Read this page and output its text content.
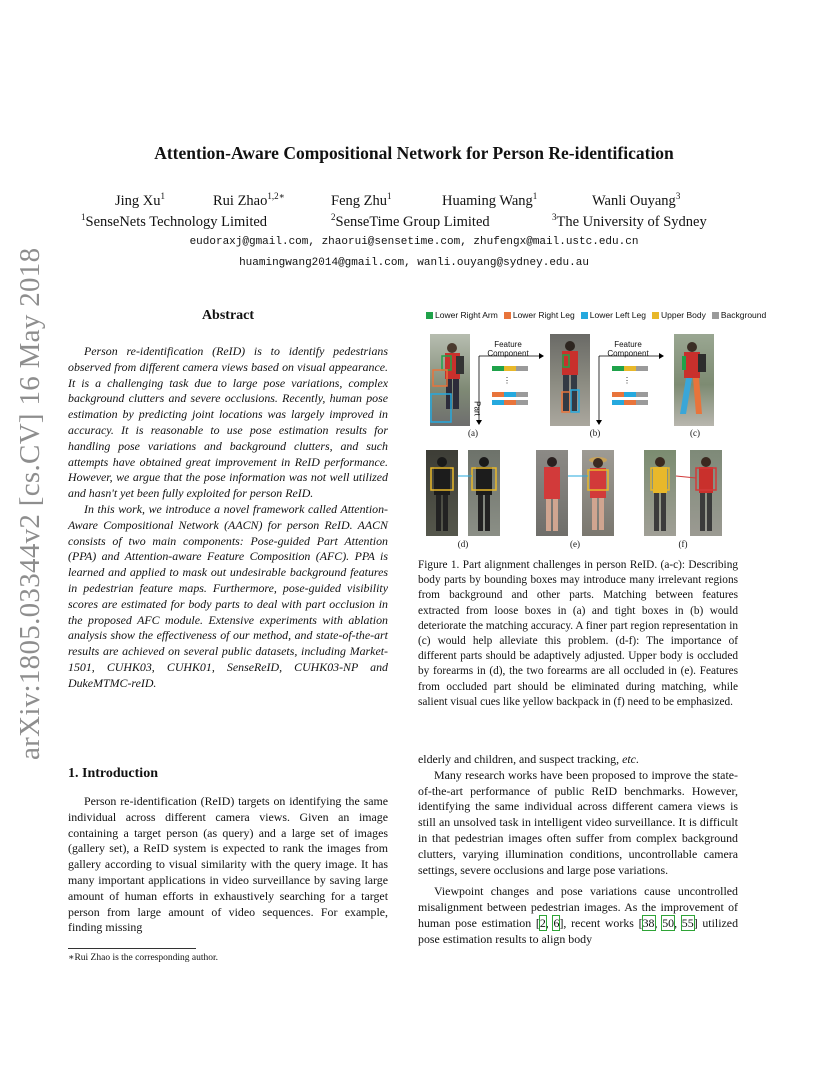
Attention-Aware Compositional Network for Person Re-identification
Jing Xu$^1$	Rui Zhao$^{1,2∗}$	Feng Zhu$^1$	Huaming Wang$^1$	Wanli Ouyang$^3$
$^1$SenseNets Technology Limited	$^2$SenseTime Group Limited	$^3$The University of Sydney
eudoraxj@gmail.com, zhaorui@sensetime.com, zhufengx@mail.ustc.edu.cn
huamingwang2014@gmail.com, wanli.ouyang@sydney.edu.au
arXiv:1805.03344v2 [cs.CV] 16 May 2018	Abstract

Person re-identification (ReID) is to identify pedestrians observed from different camera views based on visual appearance. It is a challenging task due to large pose variations, complex background clutters and severe occlusions. Recently, human pose estimation by predicting joint locations was largely improved in accuracy. It is reasonable to use pose estimation results for handling pose variations and background clutters, and such attempts have obtained great improvement in ReID performance. However, we argue that the pose information was not well utilized and hasn't yet been fully exploited for person ReID.

In this work, we introduce a novel framework called Attention-Aware Compositional Network (AACN) for person ReID. AACN consists of two main components: Pose-guided Part Attention (PPA) and Attention-aware Feature Composition (AFC). PPA is learned and applied to mask out undesirable background features in pedestrian feature maps. Furthermore, pose-guided visibility scores are estimated for body parts to deal with part occlusion in the proposed AFC module. Extensive experiments with ablation analysis show the effectiveness of our method, and state-of-the-art results are achieved on several public datasets, including Market-1501, CUHK03, CUHK01, SenseReID, CUHK03-NP and DukeMTMC-reID.

1. Introduction

Person re-identification (ReID) targets on identifying the same individual across different camera views. Given an image containing a target person (as query) and a large set of images (gallery set), a ReID system is expected to rank the images from gallery according to visual similarity with the query image. It has many important applications in video surveillance by saving large amount of human efforts in exhaustively searching for a target person from large amount of video sequences. For example, finding missing

∗Rui Zhao is the corresponding author.

elderly and children, and suspect tracking, etc.

Many research works have been proposed to improve the state-of-the-art performance of public ReID benchmarks. However, identifying the same individual across different camera views is still an unsolved task in intelligent video surveillance. It is difficult in that pedestrian images often suffer from complex background clutters, varying illumination conditions, uncontrollable camera settings, severe occlusions and large pose variations.

Viewpoint changes and pose variations cause uncontrolled misalignment between pedestrian images. As the improvement of human pose estimation [2, 6], recent works [38, 50, 55] utilized pose estimation results to align body

Lower Right Arm Lower Right Leg Lower Left Leg Upper Body Background
Feature
Component
⋮
Part
Feature
Component
⋮
(a)	(b)	(c)
(d)	(e)	(f)
Figure 1. Part alignment challenges in person ReID. (a-c): Describing body parts by bounding boxes may introduce many irrelevant regions from background and other parts. Matching between features extracted from loose boxes in (a) and tight boxes in (b) would deteriorate the matching accuracy. A finer part region representation in (c) would help alleviate this problem. (d-f): The importance of different parts should be adaptively adjusted. Upper body is occluded by forearms in (d), the two forearms are all occluded in (e). Features from occluded part should be eliminated during matching, while salient visual cues like yellow backpack in (f) need to be emphasized.
